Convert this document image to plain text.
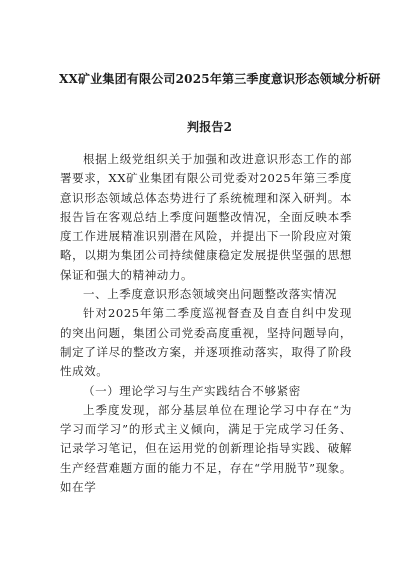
XX矿业集团有限公司2025年第三季度意识形态领域分析研
判报告2

根据上级党组织关于加强和改进意识形态工作的部署要求，XX矿业集团有限公司党委对2025年第三季度意识形态领域总体态势进行了系统梳理和深入研判。本报告旨在客观总结上季度问题整改情况，全面反映本季度工作进展精准识别潜在风险，并提出下一阶段应对策略，以期为集团公司持续健康稳定发展提供坚强的思想保证和强大的精神动力。

一、上季度意识形态领域突出问题整改落实情况

针对2025年第二季度巡视督查及自查自纠中发现的突出问题，集团公司党委高度重视，坚持问题导向，制定了详尽的整改方案，并逐项推动落实，取得了阶段性成效。

（一）理论学习与生产实践结合不够紧密

上季度发现，部分基层单位在理论学习中存在“为学习而学习”的形式主义倾向，满足于完成学习任务、记录学习笔记，但在运用党的创新理论指导实践、破解生产经营难题方面的能力不足，存在“学用脱节”现象。如在学
